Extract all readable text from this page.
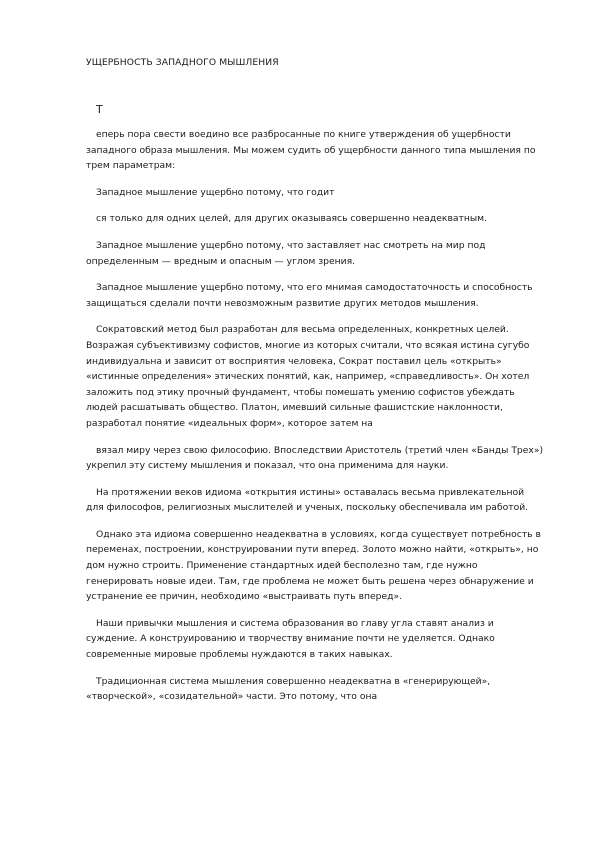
УЩЕРБНОСТЬ ЗАПАДНОГО МЫШЛЕНИЯ
Т

еперь пора свести воедино все разбросанные по книге утверждения об ущербности западного образа мышления. Мы можем судить об ущербности данного типа мышления по трем параметрам:

Западное мышление ущербно потому, что годит

ся только для одних целей, для других оказываясь совершенно неадекватным.

Западное мышление ущербно потому, что заставляет нас смотреть на мир под определенным — вредным и опасным — углом зрения.

Западное мышление ущербно потому, что его мнимая самодостаточность и способность защищаться сделали почти невозможным развитие других методов мышления.

Сократовский метод был разработан для весьма определенных, конкретных целей. Возражая субъективизму софистов, многие из которых считали, что всякая истина сугубо индивидуальна и зависит от восприятия человека, Сократ поставил цель «открыть» «истинные определения» этических понятий, как, например, «справедливость». Он хотел заложить под этику прочный фундамент, чтобы помешать умению софистов убеждать людей расшатывать общество. Платон, имевший сильные фашистские наклонности, разработал понятие «идеальных форм», которое затем на

вязал миру через свою философию. Впоследствии Аристотель (третий член «Банды Трех») укрепил эту систему мышления и показал, что она применима для науки.

На протяжении веков идиома «открытия истины» оставалась весьма привлекательной для философов, религиозных мыслителей и ученых, поскольку обеспечивала им работой.

Однако эта идиома совершенно неадекватна в условиях, когда существует потребность в переменах, построении, конструировании пути вперед. Золото можно найти, «открыть», но дом нужно строить. Применение стандартных идей бесполезно там, где нужно генерировать новые идеи. Там, где проблема не может быть решена через обнаружение и устранение ее причин, необходимо «выстраивать путь вперед».

Наши привычки мышления и система образования во главу угла ставят анализ и суждение. А конструированию и творчеству внимание почти не уделяется. Однако современные мировые проблемы нуждаются в таких навыках.

Традиционная система мышления совершенно неадекватна в «генерирующей», «творческой», «созидательной» части. Это потому, что она
